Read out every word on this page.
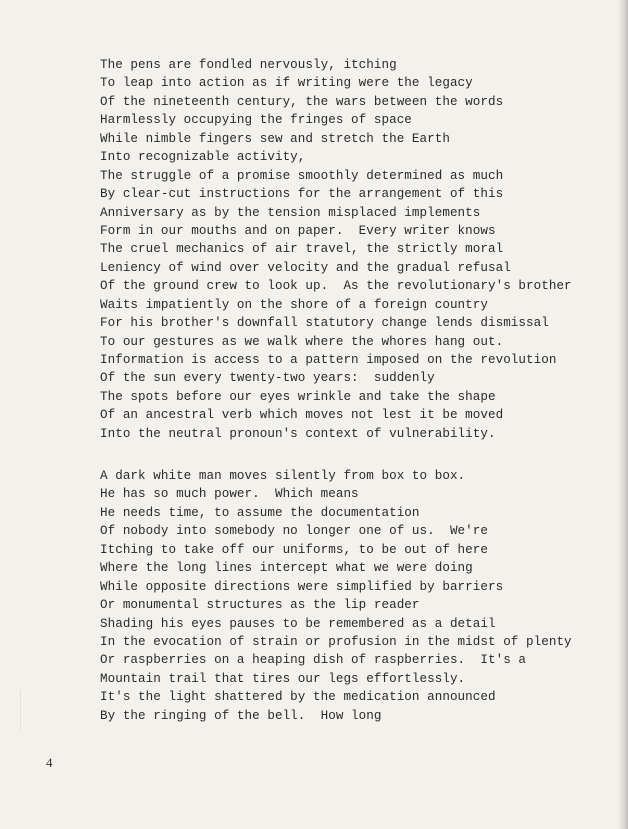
The pens are fondled nervously, itching
To leap into action as if writing were the legacy
Of the nineteenth century, the wars between the words
Harmlessly occupying the fringes of space
While nimble fingers sew and stretch the Earth
Into recognizable activity,
The struggle of a promise smoothly determined as much
By clear-cut instructions for the arrangement of this
Anniversary as by the tension misplaced implements
Form in our mouths and on paper.  Every writer knows
The cruel mechanics of air travel, the strictly moral
Leniency of wind over velocity and the gradual refusal
Of the ground crew to look up.  As the revolutionary's brother
Waits impatiently on the shore of a foreign country
For his brother's downfall statutory change lends dismissal
To our gestures as we walk where the whores hang out.
Information is access to a pattern imposed on the revolution
Of the sun every twenty-two years:  suddenly
The spots before our eyes wrinkle and take the shape
Of an ancestral verb which moves not lest it be moved
Into the neutral pronoun's context of vulnerability.
A dark white man moves silently from box to box.
He has so much power.  Which means
He needs time, to assume the documentation
Of nobody into somebody no longer one of us.  We're
Itching to take off our uniforms, to be out of here
Where the long lines intercept what we were doing
While opposite directions were simplified by barriers
Or monumental structures as the lip reader
Shading his eyes pauses to be remembered as a detail
In the evocation of strain or profusion in the midst of plenty
Or raspberries on a heaping dish of raspberries.  It's a
Mountain trail that tires our legs effortlessly.
It's the light shattered by the medication announced
By the ringing of the bell.  How long
4
